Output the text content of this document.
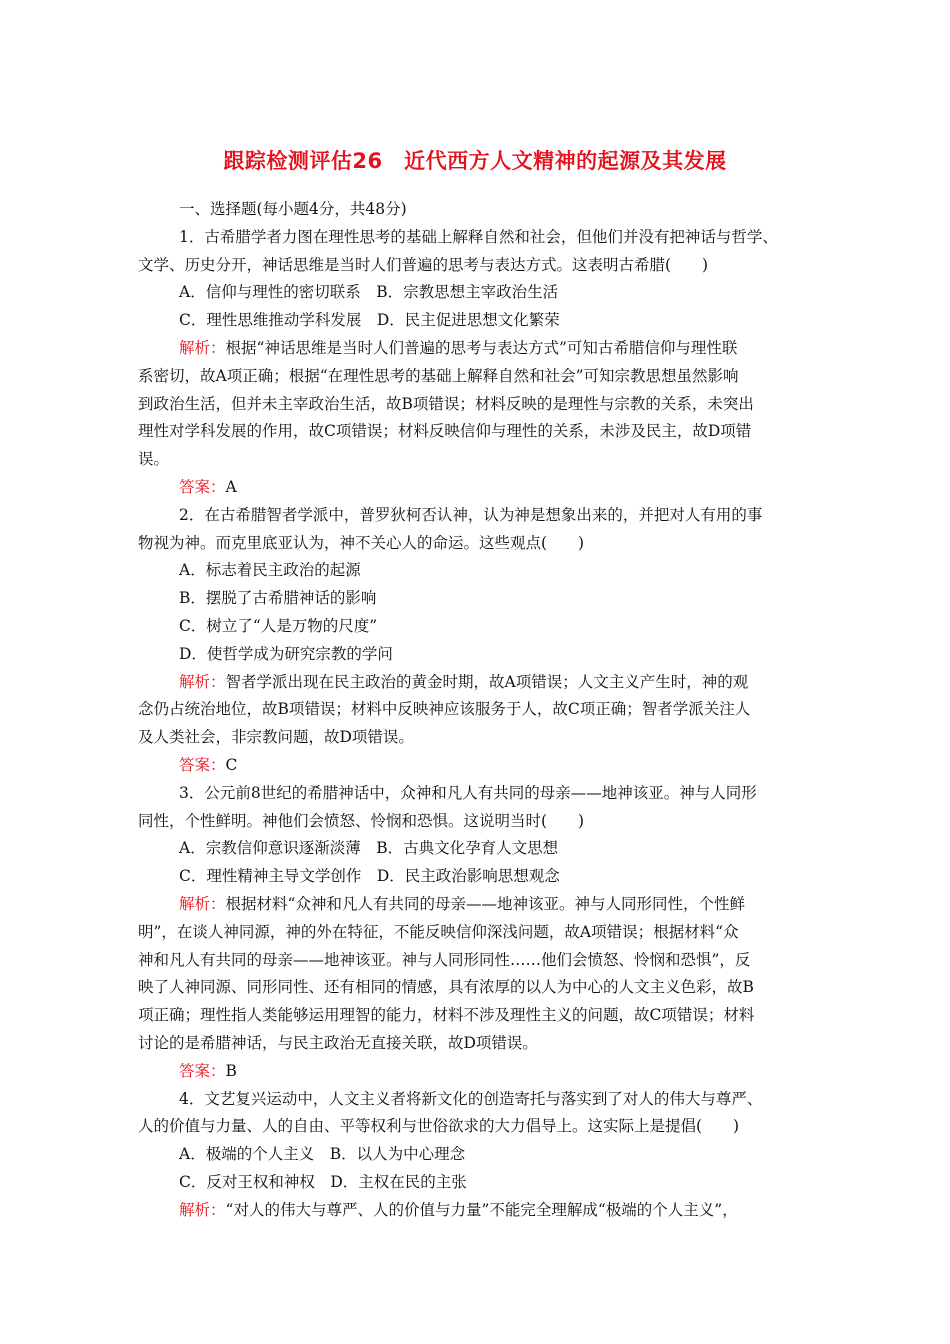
跟踪检测评估26　近代西方人文精神的起源及其发展
一、选择题(每小题4分，共48分)
1．古希腊学者力图在理性思考的基础上解释自然和社会，但他们并没有把神话与哲学、
文学、历史分开，神话思维是当时人们普遍的思考与表达方式。这表明古希腊(　　)
A．信仰与理性的密切联系　B．宗教思想主宰政治生活
C．理性思维推动学科发展　D．民主促进思想文化繁荣
解析：根据“神话思维是当时人们普遍的思考与表达方式”可知古希腊信仰与理性联
系密切，故A项正确；根据“在理性思考的基础上解释自然和社会”可知宗教思想虽然影响
到政治生活，但并未主宰政治生活，故B项错误；材料反映的是理性与宗教的关系，未突出
理性对学科发展的作用，故C项错误；材料反映信仰与理性的关系，未涉及民主，故D项错
误。
答案：A
2．在古希腊智者学派中，普罗狄柯否认神，认为神是想象出来的，并把对人有用的事
物视为神。而克里底亚认为，神不关心人的命运。这些观点(　　)
A．标志着民主政治的起源
B．摆脱了古希腊神话的影响
C．树立了“人是万物的尺度”
D．使哲学成为研究宗教的学问
解析：智者学派出现在民主政治的黄金时期，故A项错误；人文主义产生时，神的观
念仍占统治地位，故B项错误；材料中反映神应该服务于人，故C项正确；智者学派关注人
及人类社会，非宗教问题，故D项错误。
答案：C
3．公元前8世纪的希腊神话中，众神和凡人有共同的母亲——地神该亚。神与人同形
同性，个性鲜明。神他们会愤怒、怜悯和恐惧。这说明当时(　　)
A．宗教信仰意识逐渐淡薄　B．古典文化孕育人文思想
C．理性精神主导文学创作　D．民主政治影响思想观念
解析：根据材料“众神和凡人有共同的母亲——地神该亚。神与人同形同性，个性鲜
明”，在谈人神同源，神的外在特征，不能反映信仰深浅问题，故A项错误；根据材料“众
神和凡人有共同的母亲——地神该亚。神与人同形同性……他们会愤怒、怜悯和恐惧”，反
映了人神同源、同形同性、还有相同的情感，具有浓厚的以人为中心的人文主义色彩，故B
项正确；理性指人类能够运用理智的能力，材料不涉及理性主义的问题，故C项错误；材料
讨论的是希腊神话，与民主政治无直接关联，故D项错误。
答案：B
4．文艺复兴运动中，人文主义者将新文化的创造寄托与落实到了对人的伟大与尊严、
人的价值与力量、人的自由、平等权利与世俗欲求的大力倡导上。这实际上是提倡(　　)
A．极端的个人主义　B．以人为中心理念
C．反对王权和神权　D．主权在民的主张
解析：“对人的伟大与尊严、人的价值与力量”不能完全理解成“极端的个人主义”，
